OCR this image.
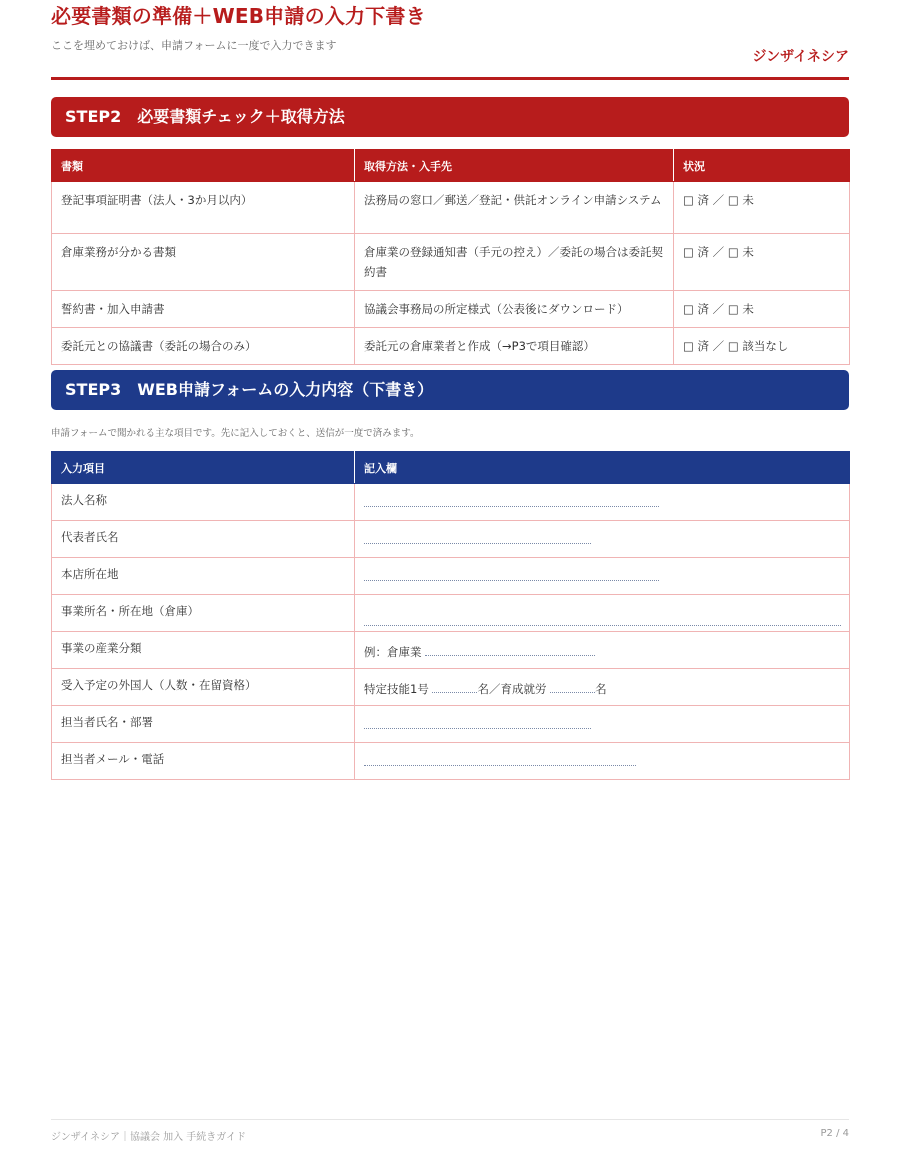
必要書類の準備＋WEB申請の入力下書き
ここを埋めておけば、申請フォームに一度で入力できます
ジンザイネシア
STEP2　必要書類チェック＋取得方法
書類	取得方法・入手先	状況
登記事項証明書（法人・3か月以内）	法務局の窓口／郵送／登記・供託オンライン申請システム	□ 済 ／ □ 未
倉庫業務が分かる書類	倉庫業の登録通知書（手元の控え）／委託の場合は委託契約書	□ 済 ／ □ 未
誓約書・加入申請書	協議会事務局の所定様式（公表後にダウンロード）	□ 済 ／ □ 未
委託元との協議書（委託の場合のみ）	委託元の倉庫業者と作成（→P3で項目確認）	□ 済 ／ □ 該当なし
STEP3　WEB申請フォームの入力内容（下書き）
申請フォームで聞かれる主な項目です。先に記入しておくと、送信が一度で済みます。
入力項目	記入欄
法人名称	

代表者氏名	

本店所在地	

事業所名・所在地（倉庫）	

事業の産業分類	例：倉庫業
受入予定の外国人（人数・在留資格）	特定技能1号 名／育成就労 名
担当者氏名・部署	

担当者メール・電話	
ジンザイネシア｜協議会 加入 手続きガイド	P2 / 4
